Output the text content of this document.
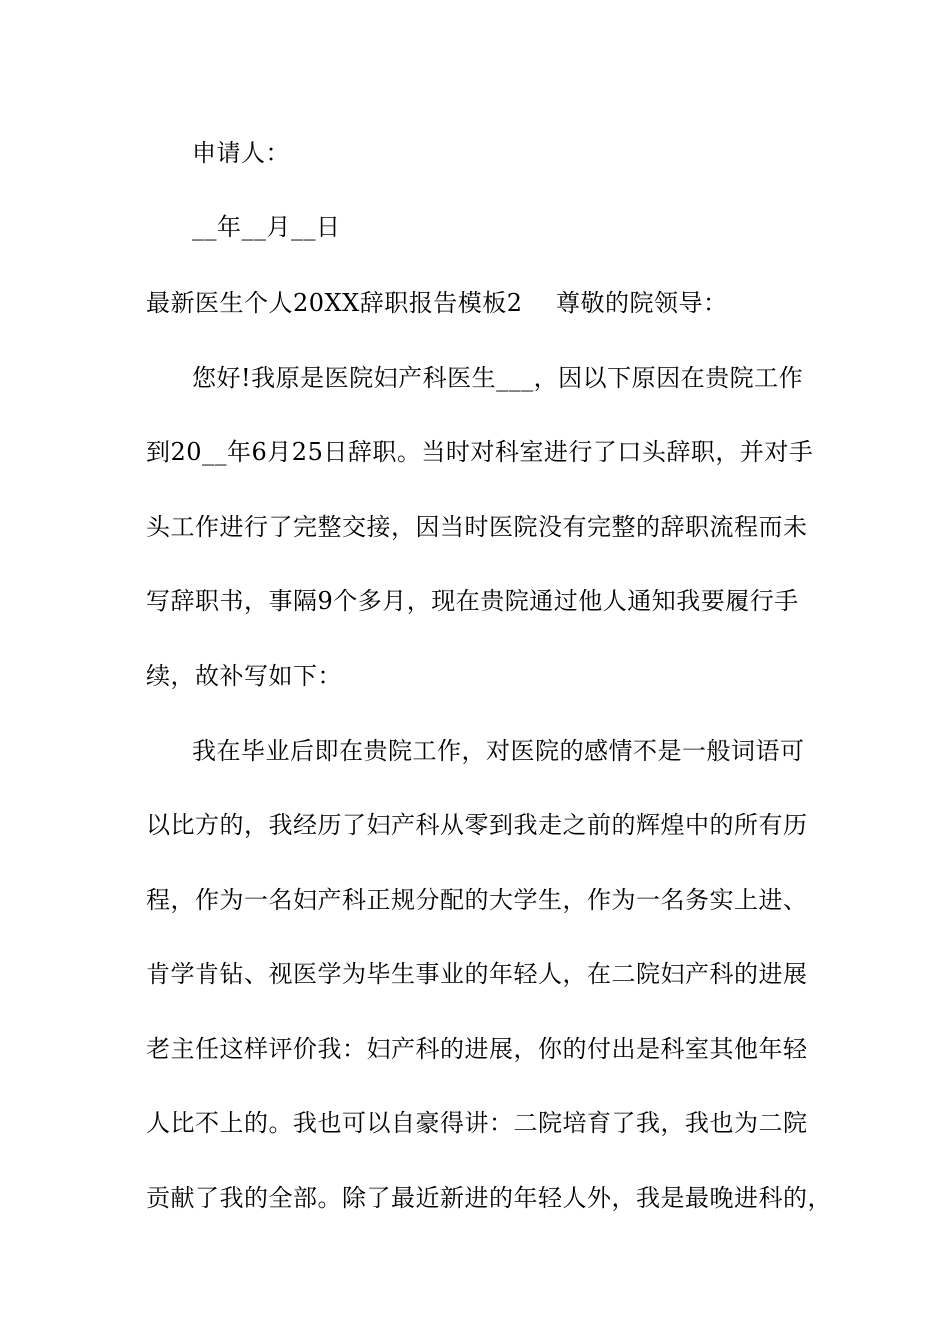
申请人：
__年__月__日
最新医生个人20XX辞职报告模板2 尊敬的院领导：
您好!我原是医院妇产科医生___，因以下原因在贵院工作
到20__年6月25日辞职。当时对科室进行了口头辞职，并对手
头工作进行了完整交接，因当时医院没有完整的辞职流程而未
写辞职书，事隔9个多月，现在贵院通过他人通知我要履行手
续，故补写如下：
我在毕业后即在贵院工作，对医院的感情不是一般词语可
以比方的，我经历了妇产科从零到我走之前的辉煌中的所有历
程，作为一名妇产科正规分配的大学生，作为一名务实上进、
肯学肯钻、视医学为毕生事业的年轻人，在二院妇产科的进展
老主任这样评价我：妇产科的进展，你的付出是科室其他年轻
人比不上的。我也可以自豪得讲：二院培育了我，我也为二院
贡献了我的全部。除了最近新进的年轻人外，我是最晚进科的，
